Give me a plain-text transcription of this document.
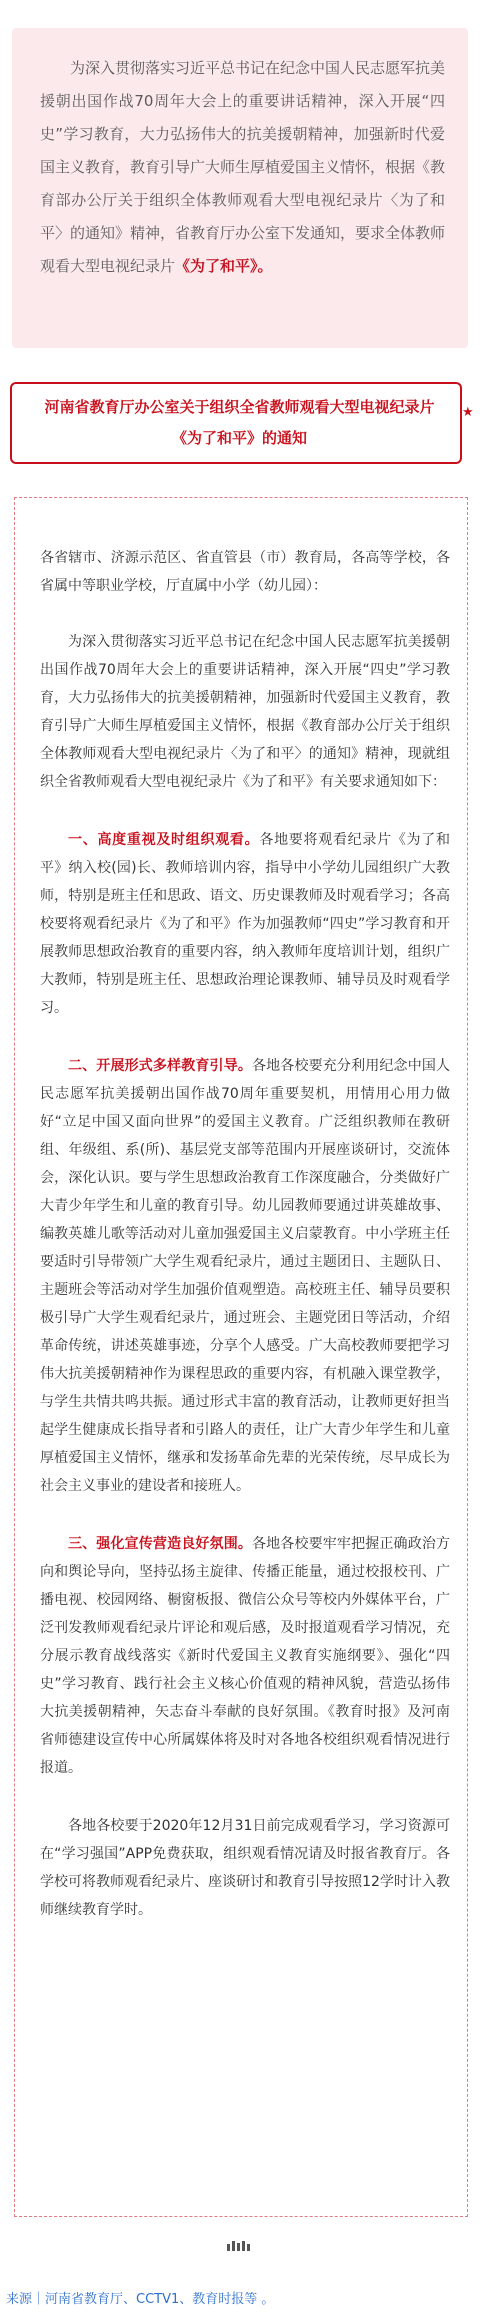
为深入贯彻落实习近平总书记在纪念中国人民志愿军抗美援朝出国作战70周年大会上的重要讲话精神，深入开展“四史”学习教育，大力弘扬伟大的抗美援朝精神，加强新时代爱国主义教育，教育引导广大师生厚植爱国主义情怀，根据《教育部办公厅关于组织全体教师观看大型电视纪录片〈为了和平〉的通知》精神，省教育厅办公室下发通知，要求全体教师观看大型电视纪录片《为了和平》。

河南省教育厅办公室关于组织全省教师观看大型电视纪录片《为了和平》的通知

★

各省辖市、济源示范区、省直管县（市）教育局，各高等学校，各省属中等职业学校，厅直属中小学（幼儿园）：

为深入贯彻落实习近平总书记在纪念中国人民志愿军抗美援朝出国作战70周年大会上的重要讲话精神，深入开展“四史”学习教育，大力弘扬伟大的抗美援朝精神，加强新时代爱国主义教育，教育引导广大师生厚植爱国主义情怀，根据《教育部办公厅关于组织全体教师观看大型电视纪录片〈为了和平〉的通知》精神，现就组织全省教师观看大型电视纪录片《为了和平》有关要求通知如下：

一、高度重视及时组织观看。各地要将观看纪录片《为了和平》纳入校(园)长、教师培训内容，指导中小学幼儿园组织广大教师，特别是班主任和思政、语文、历史课教师及时观看学习；各高校要将观看纪录片《为了和平》作为加强教师“四史”学习教育和开展教师思想政治教育的重要内容，纳入教师年度培训计划，组织广大教师，特别是班主任、思想政治理论课教师、辅导员及时观看学习。

二、开展形式多样教育引导。各地各校要充分利用纪念中国人民志愿军抗美援朝出国作战70周年重要契机，用情用心用力做好“立足中国又面向世界”的爱国主义教育。广泛组织教师在教研组、年级组、系(所)、基层党支部等范围内开展座谈研讨，交流体会，深化认识。要与学生思想政治教育工作深度融合，分类做好广大青少年学生和儿童的教育引导。幼儿园教师要通过讲英雄故事、编教英雄儿歌等活动对儿童加强爱国主义启蒙教育。中小学班主任要适时引导带领广大学生观看纪录片，通过主题团日、主题队日、主题班会等活动对学生加强价值观塑造。高校班主任、辅导员要积极引导广大学生观看纪录片，通过班会、主题党团日等活动，介绍革命传统，讲述英雄事迹，分享个人感受。广大高校教师要把学习伟大抗美援朝精神作为课程思政的重要内容，有机融入课堂教学，与学生共情共鸣共振。通过形式丰富的教育活动，让教师更好担当起学生健康成长指导者和引路人的责任，让广大青少年学生和儿童厚植爱国主义情怀，继承和发扬革命先辈的光荣传统，尽早成长为社会主义事业的建设者和接班人。

三、强化宣传营造良好氛围。各地各校要牢牢把握正确政治方向和舆论导向，坚持弘扬主旋律、传播正能量，通过校报校刊、广播电视、校园网络、橱窗板报、微信公众号等校内外媒体平台，广泛刊发教师观看纪录片评论和观后感，及时报道观看学习情况，充分展示教育战线落实《新时代爱国主义教育实施纲要》、强化“四史”学习教育、践行社会主义核心价值观的精神风貌，营造弘扬伟大抗美援朝精神，矢志奋斗奉献的良好氛围。《教育时报》及河南省师德建设宣传中心所属媒体将及时对各地各校组织观看情况进行报道。

各地各校要于2020年12月31日前完成观看学习，学习资源可在“学习强国”APP免费获取，组织观看情况请及时报省教育厅。各学校可将教师观看纪录片、座谈研讨和教育引导按照12学时计入教师继续教育学时。

来源｜河南省教育厅、CCTV1、教育时报等 。
